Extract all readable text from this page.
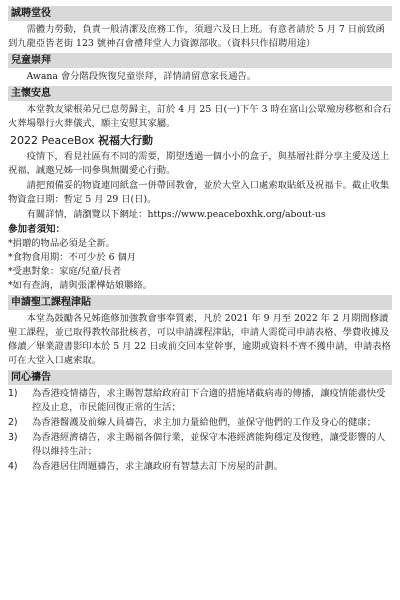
誠聘堂役

需體力勞動，負責一般清潔及庶務工作，須週六及日上班。有意者請於 5 月 7 日前致函到九龍亞皆老街 123 號神召會禮拜堂人力資源部收。（資料只作招聘用途）

兒童崇拜

Awana 會分階段恢復兒童崇拜，詳情請留意家長通告。

主懷安息

本堂教友梁根弟兄已息勞歸主，訂於 4 月 25 日(一)下午 3 時在富山公眾殮房移柩和合石火葬場舉行火葬儀式，願主安慰其家屬。

2022 PeaceBox 祝福大行動

疫情下，看見社區有不同的需要，期望透過一個小小的盒子，與基層社群分享主愛及送上祝福，誠邀兄姊一同參與無關愛心行動。

請把預備妥的物資連同紙盒一併帶回教會，並於大堂入口處索取貼紙及祝福卡。截止收集物資盒日期：暫定 5 月 29 日(日)。

有關詳情，請瀏覽以下網址：https://www.peaceboxhk.org/about-us

參加者須知：

*捐贈的物品必須是全新。

*食物食用期：不可少於 6 個月

*受惠對象：家庭/兒童/長者

*如有查詢，請與張潔樺姑娘聯絡。

申請聖工課程津貼

本堂為鼓勵各兄姊進修加強教會事奉質素，凡於 2021 年 9 月至 2022 年 2 月期間修讀聖工課程，並已取得教牧部批核者，可以申請課程津貼，申請人需從司申請表格、學費收據及修讀／畢業證書影印本於 5 月 22 日或前交回本堂幹事，逾期或資料不齊不獲申請，申請表格可在大堂入口處索取。

同心禱告
1)	為香港疫情禱告，求主賜智慧給政府訂下合適的措施堵截病毒的傳播，讓疫情能盡快受控及止息，市民能回復正常的生活；
2)	為香港醫護及前線人員禱告，求主加力量給他們，並保守他們的工作及身心的健康；
3)	為香港經濟禱告，求主賜福各個行業，並保守本港經濟能夠穩定及復甦，讓受影響的人得以維持生計；
4)	為香港居住問題禱告，求主讓政府有智慧去訂下房屋的計劃。
